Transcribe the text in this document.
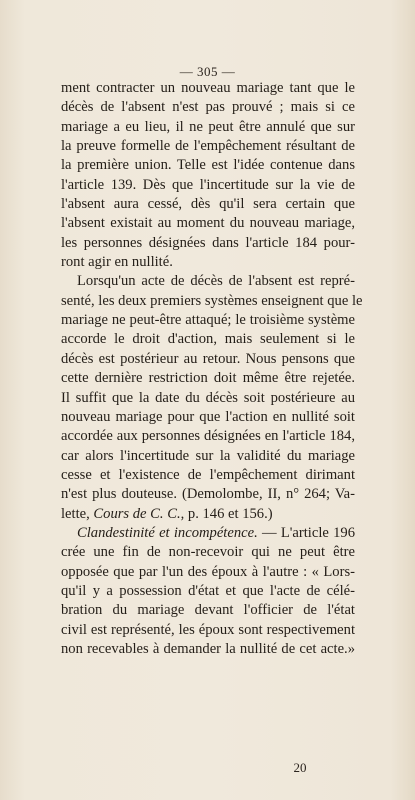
— 305 —
ment contracter un nouveau mariage tant que le
décès de l'absent n'est pas prouvé ; mais si ce
mariage a eu lieu, il ne peut être annulé que sur
la preuve formelle de l'empêchement résultant de
la première union. Telle est l'idée contenue dans
l'article 139. Dès que l'incertitude sur la vie de
l'absent aura cessé, dès qu'il sera certain que
l'absent existait au moment du nouveau mariage,
les personnes désignées dans l'article 184 pour-
ront agir en nullité.
Lorsqu'un acte de décès de l'absent est repré-
senté, les deux premiers systèmes enseignent que le
mariage ne peut-être attaqué; le troisième système
accorde le droit d'action, mais seulement si le
décès est postérieur au retour. Nous pensons que
cette dernière restriction doit même être rejetée.
Il suffit que la date du décès soit postérieure au
nouveau mariage pour que l'action en nullité soit
accordée aux personnes désignées en l'article 184,
car alors l'incertitude sur la validité du mariage
cesse et l'existence de l'empêchement dirimant
n'est plus douteuse. (Demolombe, II, n° 264; Va-
lette, Cours de C. C., p. 146 et 156.)
Clandestinité et incompétence. — L'article 196
crée une fin de non-recevoir qui ne peut être
opposée que par l'un des époux à l'autre : « Lors-
qu'il y a possession d'état et que l'acte de célé-
bration du mariage devant l'officier de l'état
civil est représenté, les époux sont respectivement
non recevables à demander la nullité de cet acte.»
20
